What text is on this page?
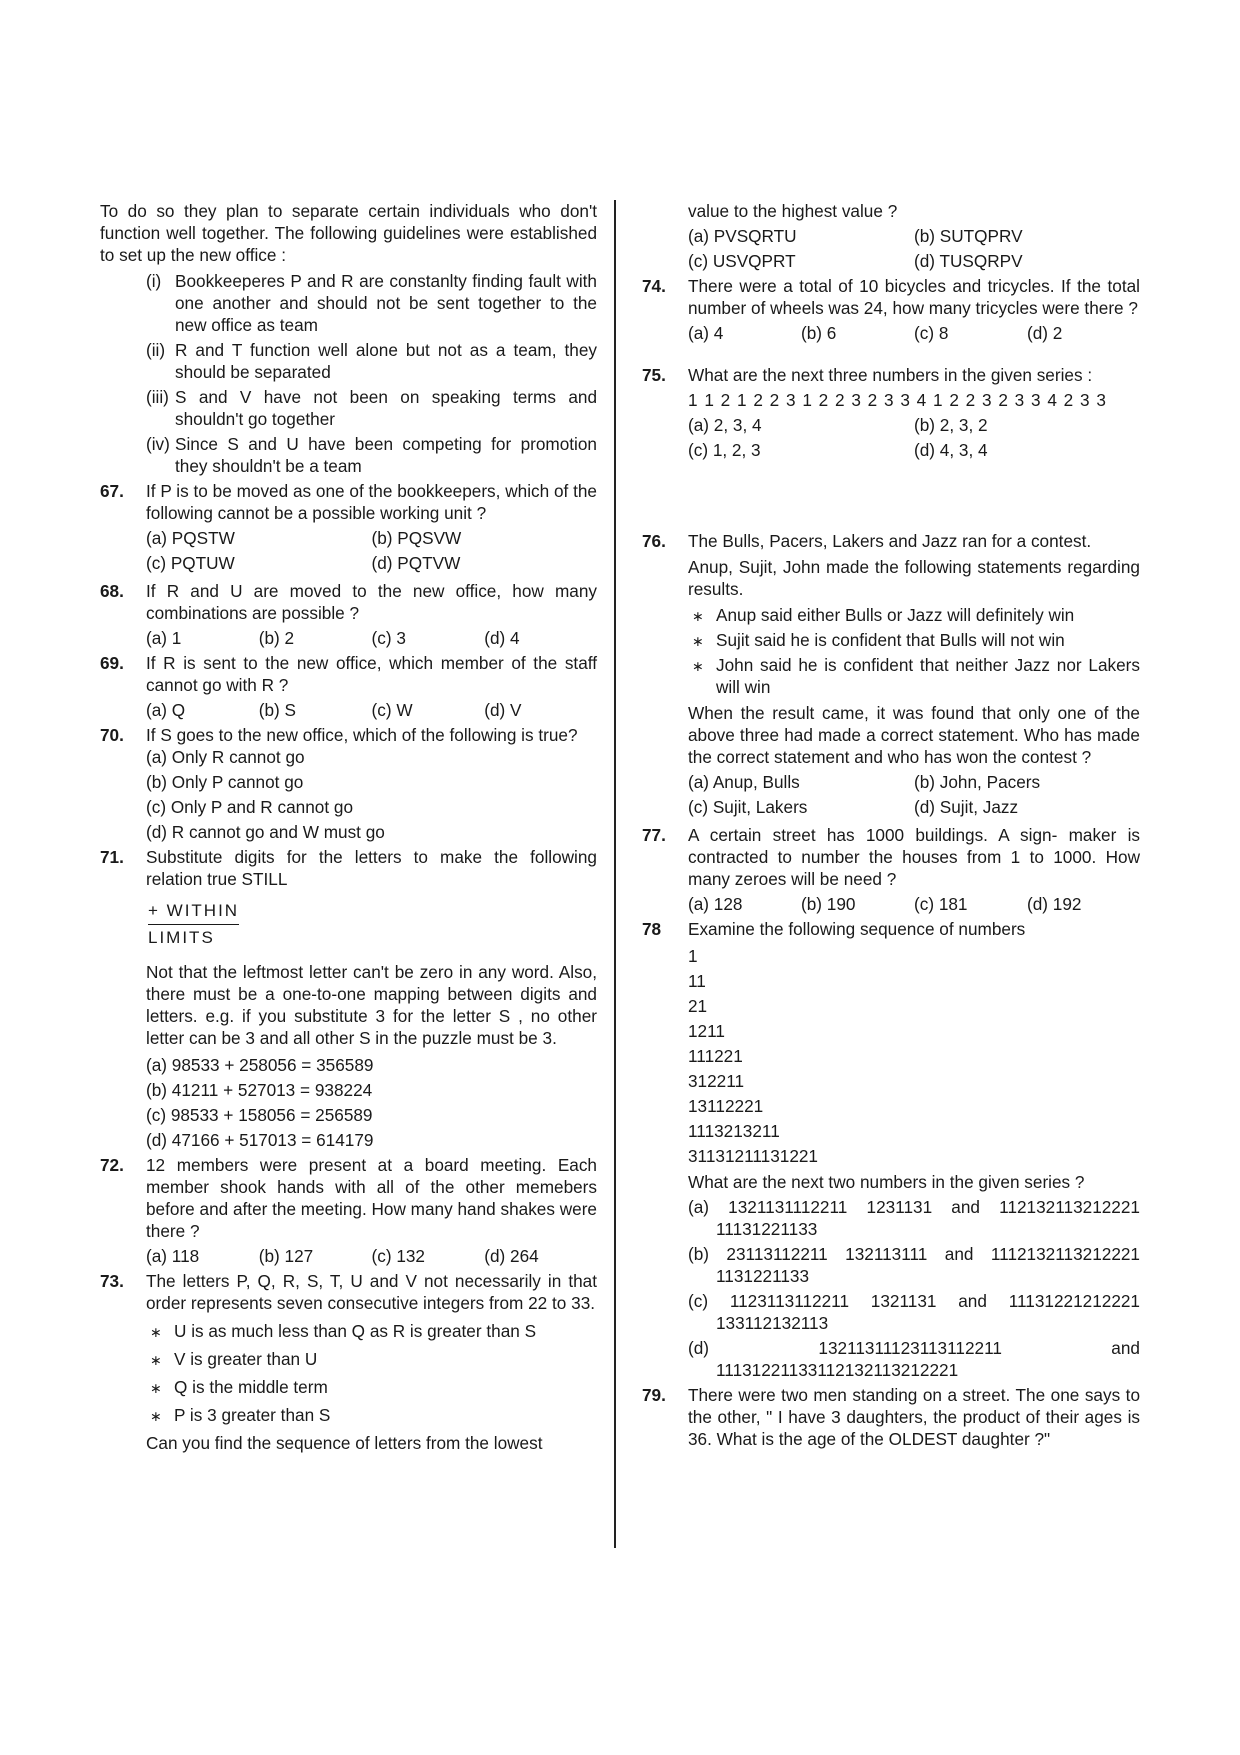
To do so they plan to separate certain individuals who don't function well together. The following guidelines were established to set up the new office :
(i) Bookkeeperes P and R are constanlty finding fault with one another and should not be sent together to the new office as team
(ii) R and T function well alone but not as a team, they should be separated
(iii) S and V have not been on speaking terms and shouldn't go together
(iv) Since S and U have been competing for promotion they shouldn't be a team
67. If P is to be moved as one of the bookkeepers, which of the following cannot be a possible working unit ?
(a) PQSTW	(b) PQSVW
(c) PQTUW	(d) PQTVW
68. If R and U are moved to the new office, how many combinations are possible ?
(a) 1	(b) 2	(c) 3	(d) 4
69. If R is sent to the new office, which member of the staff cannot go with R ?
(a) Q	(b) S	(c) W	(d) V
70. If S goes to the new office, which of the following is true?
(a) Only R cannot go
(b) Only P cannot go
(c) Only P and R cannot go
(d) R cannot go and W must go
71. Substitute digits for the letters to make the following relation true STILL
+ WITHIN
LIMITS
Not that the leftmost letter can't be zero in any word. Also, there must be a one-to-one mapping between digits and letters. e.g. if you substitute 3 for the letter S , no other letter can be 3 and all other S in the puzzle must be 3.
(a) 98533 + 258056 = 356589
(b) 41211 + 527013 = 938224
(c) 98533 + 158056 = 256589
(d) 47166 + 517013 = 614179
72. 12 members were present at a board meeting. Each member shook hands with all of the other memebers before and after the meeting. How many hand shakes were there ?
(a) 118	(b) 127	(c) 132	(d) 264
73. The letters P, Q, R, S, T, U and V not necessarily in that order represents seven consecutive integers from 22 to 33.
∗ U is as much less than Q as R is greater than S
∗ V is greater than U
∗ Q is the middle term
∗ P is 3 greater than S
Can you find the sequence of letters from the lowest
value to the highest value ?
(a) PVSQRTU	(b) SUTQPRV
(c) USVQPRT	(d) TUSQRPV
74. There were a total of 10 bicycles and tricycles. If the total number of wheels was 24, how many tricycles were there ?
(a) 4	(b) 6	(c) 8	(d) 2
75. What are the next three numbers in the given series :
1 1 2 1 2 2 3 1 2 2 3 2 3 3 4 1 2 2 3 2 3 3 4 2 3 3
(a) 2, 3, 4	(b) 2, 3, 2
(c) 1, 2, 3	(d) 4, 3, 4
76. The Bulls, Pacers, Lakers and Jazz ran for a contest.
Anup, Sujit, John made the following statements regarding results.
∗ Anup said either Bulls or Jazz will definitely win
∗ Sujit said he is confident that Bulls will not win
∗ John said he is confident that neither Jazz nor Lakers will win
When the result came, it was found that only one of the above three had made a correct statement. Who has made the correct statement and who has won the contest ?
(a) Anup, Bulls	(b) John, Pacers
(c) Sujit, Lakers	(d) Sujit, Jazz
77. A certain street has 1000 buildings. A sign- maker is contracted to number the houses from 1 to 1000. How many zeroes will be need ?
(a) 128	(b) 190	(c) 181	(d) 192
78 Examine the following sequence of numbers
1
11
21
1211
111221
312211
13112221
1113213211
31131211131221
What are the next two numbers in the given series ?
(a) 1321131112211 1231131 and 112132113212221 11131221133
(b) 23113112211 132113111 and 1112132113212221 1131221133
(c) 1123113112211 1321131 and 11131221212221 133112132113
(d) 13211311123113112211 and 11131221133112132113212221
79. There were two men standing on a street. The one says to the other, " I have 3 daughters, the product of their ages is 36. What is the age of the OLDEST daughter ?"
